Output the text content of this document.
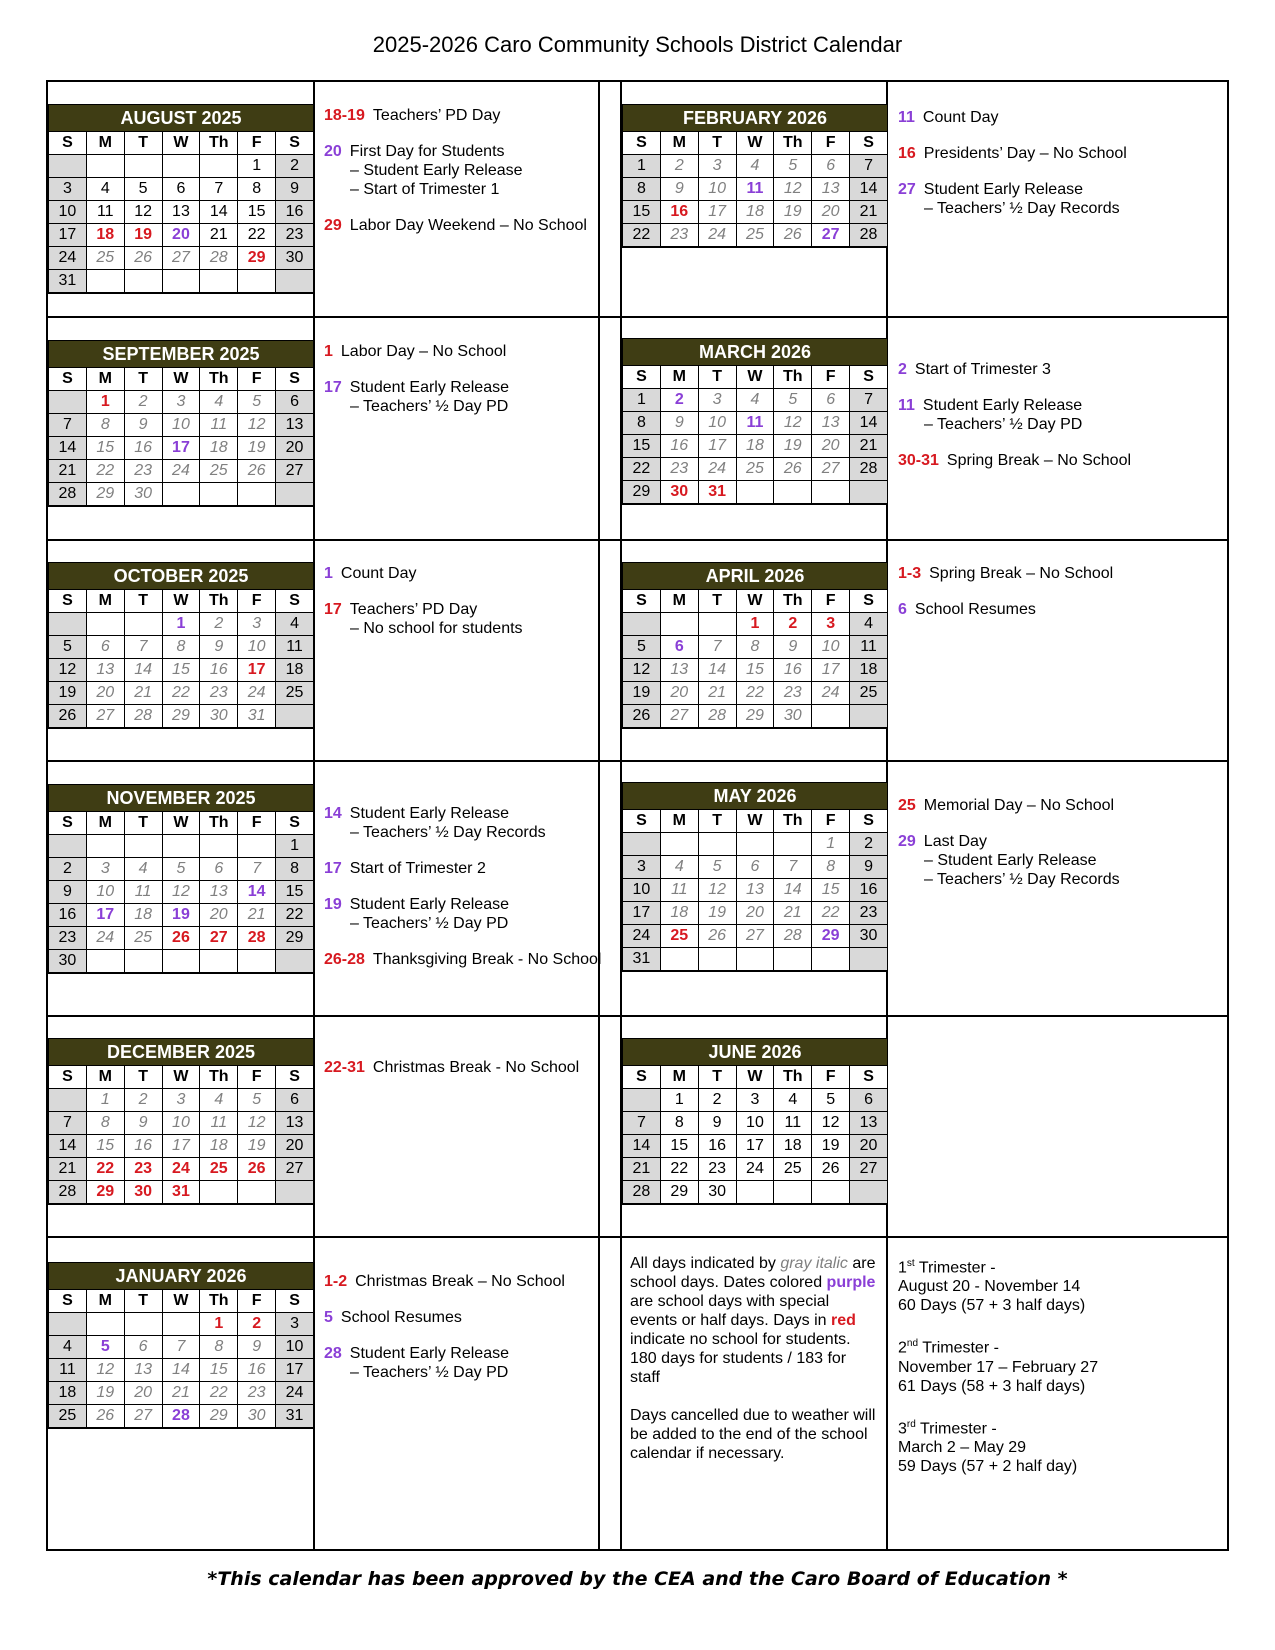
2025-2026 Caro Community Schools District Calendar
AUGUST 2025						
S	M	T	W	Th	F	S
					1	2
3	4	5	6	7	8	9
10	11	12	13	14	15	16
17	18	19	20	21	22	23
24	25	26	27	28	29	30
31						
SEPTEMBER 2025						
S	M	T	W	Th	F	S
	1	2	3	4	5	6
7	8	9	10	11	12	13
14	15	16	17	18	19	20
21	22	23	24	25	26	27
28	29	30				
OCTOBER 2025						
S	M	T	W	Th	F	S
			1	2	3	4
5	6	7	8	9	10	11
12	13	14	15	16	17	18
19	20	21	22	23	24	25
26	27	28	29	30	31	
NOVEMBER 2025						
S	M	T	W	Th	F	S
						1
2	3	4	5	6	7	8
9	10	11	12	13	14	15
16	17	18	19	20	21	22
23	24	25	26	27	28	29
30						
DECEMBER 2025						
S	M	T	W	Th	F	S
	1	2	3	4	5	6
7	8	9	10	11	12	13
14	15	16	17	18	19	20
21	22	23	24	25	26	27
28	29	30	31			
JANUARY 2026						
S	M	T	W	Th	F	S
				1	2	3
4	5	6	7	8	9	10
11	12	13	14	15	16	17
18	19	20	21	22	23	24
25	26	27	28	29	30	31
FEBRUARY 2026						
S	M	T	W	Th	F	S
1	2	3	4	5	6	7
8	9	10	11	12	13	14
15	16	17	18	19	20	21
22	23	24	25	26	27	28
MARCH 2026						
S	M	T	W	Th	F	S
1	2	3	4	5	6	7
8	9	10	11	12	13	14
15	16	17	18	19	20	21
22	23	24	25	26	27	28
29	30	31				
APRIL 2026						
S	M	T	W	Th	F	S
			1	2	3	4
5	6	7	8	9	10	11
12	13	14	15	16	17	18
19	20	21	22	23	24	25
26	27	28	29	30		
MAY 2026						
S	M	T	W	Th	F	S
					1	2
3	4	5	6	7	8	9
10	11	12	13	14	15	16
17	18	19	20	21	22	23
24	25	26	27	28	29	30
31						
JUNE 2026						
S	M	T	W	Th	F	S
	1	2	3	4	5	6
7	8	9	10	11	12	13
14	15	16	17	18	19	20
21	22	23	24	25	26	27
28	29	30				

All days indicated by gray italic are school days. Dates colored purple are school days with special events or half days. Days in red indicate no school for students. 180 days for students / 183 for staff

Days cancelled due to weather will be added to the end of the school calendar if necessary.

1st Trimester -
August 20 - November 14
60 Days (57 + 3 half days)
2nd Trimester -
November 17 – February 27
61 Days (58 + 3 half days)
3rd Trimester -
March 2 – May 29
59 Days (57 + 2 half day)
18-19 Teachers’ PD Day
20 First Day for Students
– Student Early Release
– Start of Trimester 1
29 Labor Day Weekend – No School
1 Labor Day – No School
17 Student Early Release
– Teachers’ ½ Day PD
1 Count Day
17 Teachers’ PD Day
– No school for students
14 Student Early Release
– Teachers’ ½ Day Records
17 Start of Trimester 2
19 Student Early Release
– Teachers’ ½ Day PD
26-28 Thanksgiving Break - No School
22-31 Christmas Break - No School
1-2 Christmas Break – No School
5 School Resumes
28 Student Early Release
– Teachers’ ½ Day PD
11 Count Day
16 Presidents’ Day – No School
27 Student Early Release
– Teachers’ ½ Day Records
2 Start of Trimester 3
11 Student Early Release
– Teachers’ ½ Day PD
30-31 Spring Break – No School
1-3 Spring Break – No School
6 School Resumes
25 Memorial Day – No School
29 Last Day
– Student Early Release
– Teachers’ ½ Day Records
*This calendar has been approved by the CEA and the Caro Board of Education *
